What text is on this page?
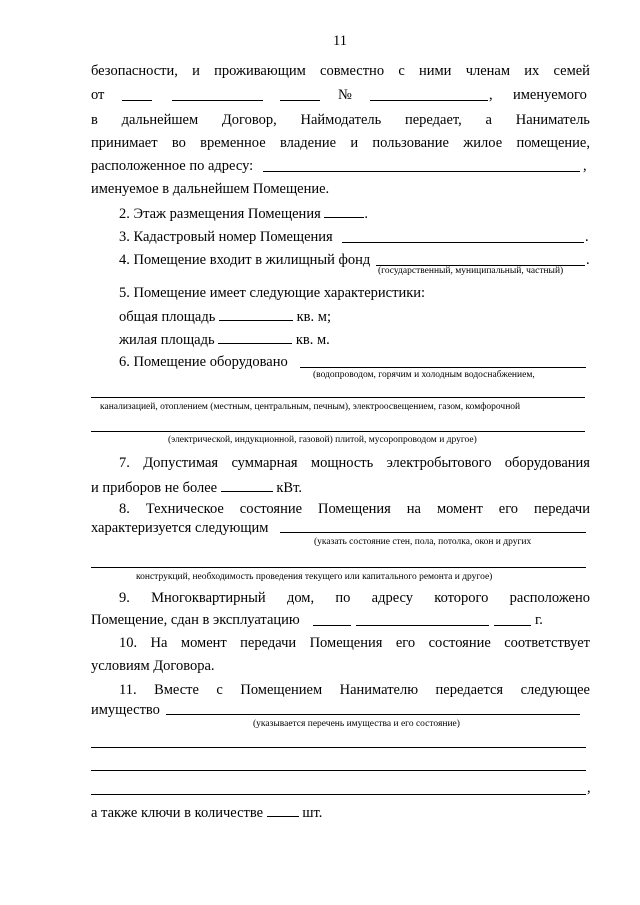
11
безопасности, и проживающим совместно с ними членам их семей
от	№	, именуемого
в дальнейшем Договор, Наймодатель передает, а Наниматель
принимает во временное владение и пользование жилое помещение,
расположенное по адресу:	,
именуемое в дальнейшем Помещение.
2. Этаж размещения Помещения	.
3. Кадастровый номер Помещения	.
4. Помещение входит в жилищный фонд	.
(государственный, муниципальный, частный)
5. Помещение имеет следующие характеристики:
общая площадь	кв. м;
жилая площадь	кв. м.
6. Помещение оборудовано
(водопроводом, горячим и холодным водоснабжением,
канализацией, отоплением (местным, центральным, печным), электроосвещением, газом, комфорочной
(электрической, индукционной, газовой) плитой, мусоропроводом и другое)
7. Допустимая суммарная мощность электробытового оборудования
и приборов не более	кВт.
8. Техническое состояние Помещения на момент его передачи
характеризуется следующим
(указать состояние стен, пола, потолка, окон и других
конструкций, необходимость проведения текущего или капитального ремонта и другое)
9. Многоквартирный дом, по адресу которого расположено
Помещение, сдан в эксплуатацию	г.
10. На момент передачи Помещения его состояние соответствует
условиям Договора.
11. Вместе с Помещением Нанимателю передается следующее
имущество
(указывается перечень имущества и его состояние)
,
а также ключи в количестве	шт.
